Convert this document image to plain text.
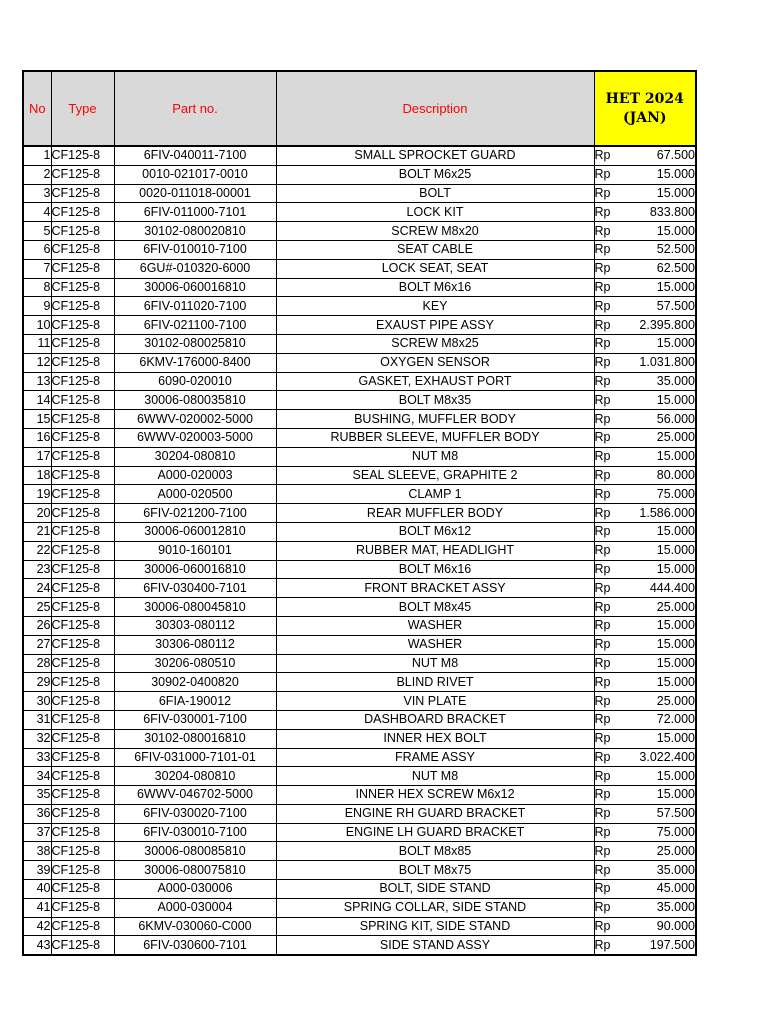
No	Type	Part no.	Description	HET 2024
(JAN)	
1	CF125-8	6FIV-040011-7100	SMALL SPROCKET GUARD	Rp	67.500
2	CF125-8	0010-021017-0010	BOLT M6x25	Rp	15.000
3	CF125-8	0020-011018-00001	BOLT	Rp	15.000
4	CF125-8	6FIV-011000-7101	LOCK KIT	Rp	833.800
5	CF125-8	30102-080020810	SCREW M8x20	Rp	15.000
6	CF125-8	6FIV-010010-7100	SEAT CABLE	Rp	52.500
7	CF125-8	6GU#-010320-6000	LOCK SEAT, SEAT	Rp	62.500
8	CF125-8	30006-060016810	BOLT M6x16	Rp	15.000
9	CF125-8	6FIV-011020-7100	KEY	Rp	57.500
10	CF125-8	6FIV-021100-7100	EXAUST PIPE ASSY	Rp	2.395.800
11	CF125-8	30102-080025810	SCREW M8x25	Rp	15.000
12	CF125-8	6KMV-176000-8400	OXYGEN SENSOR	Rp	1.031.800
13	CF125-8	6090-020010	GASKET, EXHAUST PORT	Rp	35.000
14	CF125-8	30006-080035810	BOLT M8x35	Rp	15.000
15	CF125-8	6WWV-020002-5000	BUSHING, MUFFLER BODY	Rp	56.000
16	CF125-8	6WWV-020003-5000	RUBBER SLEEVE, MUFFLER BODY	Rp	25.000
17	CF125-8	30204-080810	NUT M8	Rp	15.000
18	CF125-8	A000-020003	SEAL SLEEVE, GRAPHITE 2	Rp	80.000
19	CF125-8	A000-020500	CLAMP 1	Rp	75.000
20	CF125-8	6FIV-021200-7100	REAR MUFFLER BODY	Rp	1.586.000
21	CF125-8	30006-060012810	BOLT M6x12	Rp	15.000
22	CF125-8	9010-160101	RUBBER MAT, HEADLIGHT	Rp	15.000
23	CF125-8	30006-060016810	BOLT M6x16	Rp	15.000
24	CF125-8	6FIV-030400-7101	FRONT BRACKET ASSY	Rp	444.400
25	CF125-8	30006-080045810	BOLT M8x45	Rp	25.000
26	CF125-8	30303-080112	WASHER	Rp	15.000
27	CF125-8	30306-080112	WASHER	Rp	15.000
28	CF125-8	30206-080510	NUT M8	Rp	15.000
29	CF125-8	30902-0400820	BLIND RIVET	Rp	15.000
30	CF125-8	6FIA-190012	VIN PLATE	Rp	25.000
31	CF125-8	6FIV-030001-7100	DASHBOARD BRACKET	Rp	72.000
32	CF125-8	30102-080016810	INNER HEX BOLT	Rp	15.000
33	CF125-8	6FIV-031000-7101-01	FRAME ASSY	Rp	3.022.400
34	CF125-8	30204-080810	NUT M8	Rp	15.000
35	CF125-8	6WWV-046702-5000	INNER HEX SCREW M6x12	Rp	15.000
36	CF125-8	6FIV-030020-7100	ENGINE RH GUARD BRACKET	Rp	57.500
37	CF125-8	6FIV-030010-7100	ENGINE LH GUARD BRACKET	Rp	75.000
38	CF125-8	30006-080085810	BOLT M8x85	Rp	25.000
39	CF125-8	30006-080075810	BOLT M8x75	Rp	35.000
40	CF125-8	A000-030006	BOLT, SIDE STAND	Rp	45.000
41	CF125-8	A000-030004	SPRING COLLAR, SIDE STAND	Rp	35.000
42	CF125-8	6KMV-030060-C000	SPRING KIT, SIDE STAND	Rp	90.000
43	CF125-8	6FIV-030600-7101	SIDE STAND ASSY	Rp	197.500
